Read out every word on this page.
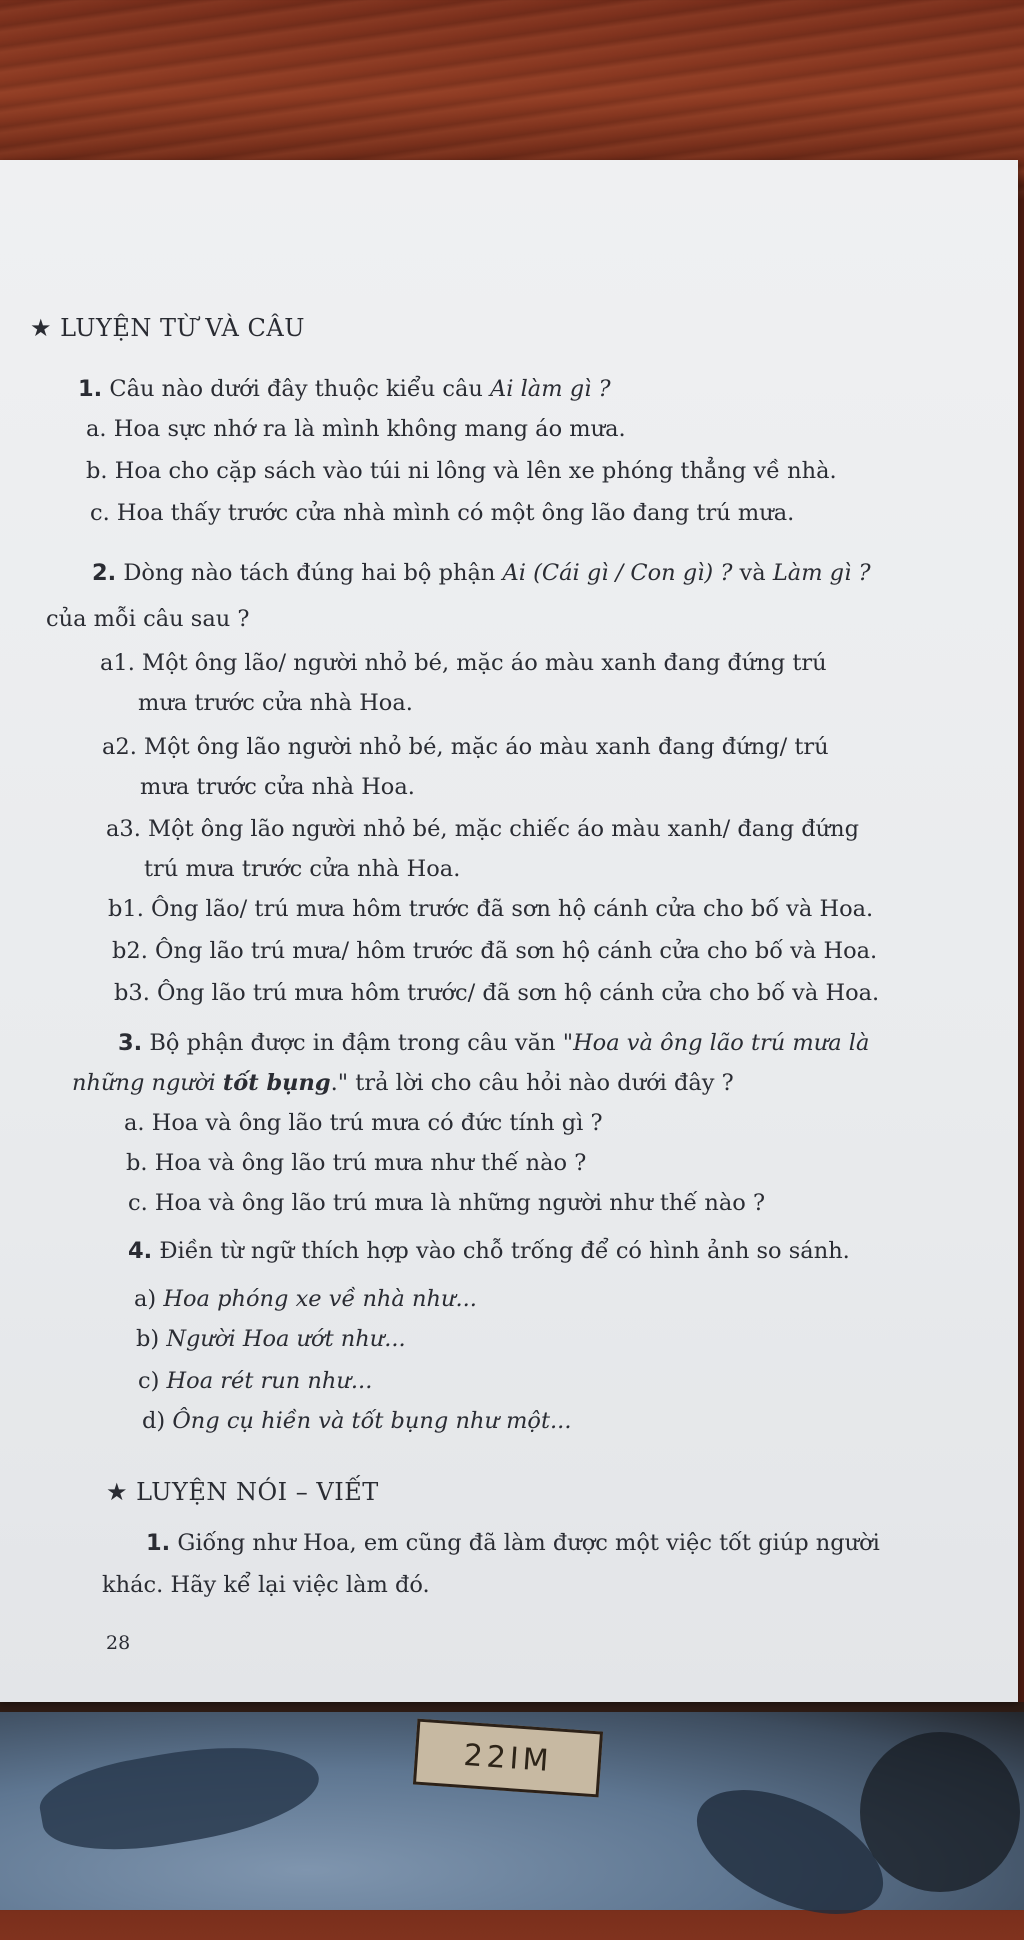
22IM
★ LUYỆN TỪ VÀ CÂU
1. Câu nào dưới đây thuộc kiểu câu Ai làm gì ?
a. Hoa sực nhớ ra là mình không mang áo mưa.
b. Hoa cho cặp sách vào túi ni lông và lên xe phóng thẳng về nhà.
c. Hoa thấy trước cửa nhà mình có một ông lão đang trú mưa.
2. Dòng nào tách đúng hai bộ phận Ai (Cái gì / Con gì) ? và Làm gì ?
của mỗi câu sau ?
a1. Một ông lão/ người nhỏ bé, mặc áo màu xanh đang đứng trú
mưa trước cửa nhà Hoa.
a2. Một ông lão người nhỏ bé, mặc áo màu xanh đang đứng/ trú
mưa trước cửa nhà Hoa.
a3. Một ông lão người nhỏ bé, mặc chiếc áo màu xanh/ đang đứng
trú mưa trước cửa nhà Hoa.
b1. Ông lão/ trú mưa hôm trước đã sơn hộ cánh cửa cho bố và Hoa.
b2. Ông lão trú mưa/ hôm trước đã sơn hộ cánh cửa cho bố và Hoa.
b3. Ông lão trú mưa hôm trước/ đã sơn hộ cánh cửa cho bố và Hoa.
3. Bộ phận được in đậm trong câu văn "Hoa và ông lão trú mưa là
những người tốt bụng." trả lời cho câu hỏi nào dưới đây ?
a. Hoa và ông lão trú mưa có đức tính gì ?
b. Hoa và ông lão trú mưa như thế nào ?
c. Hoa và ông lão trú mưa là những người như thế nào ?
4. Điền từ ngữ thích hợp vào chỗ trống để có hình ảnh so sánh.
a) Hoa phóng xe về nhà như...
b) Người Hoa ướt như...
c) Hoa rét run như...
d) Ông cụ hiền và tốt bụng như một...
★ LUYỆN NÓI – VIẾT
1. Giống như Hoa, em cũng đã làm được một việc tốt giúp người
khác. Hãy kể lại việc làm đó.
28
